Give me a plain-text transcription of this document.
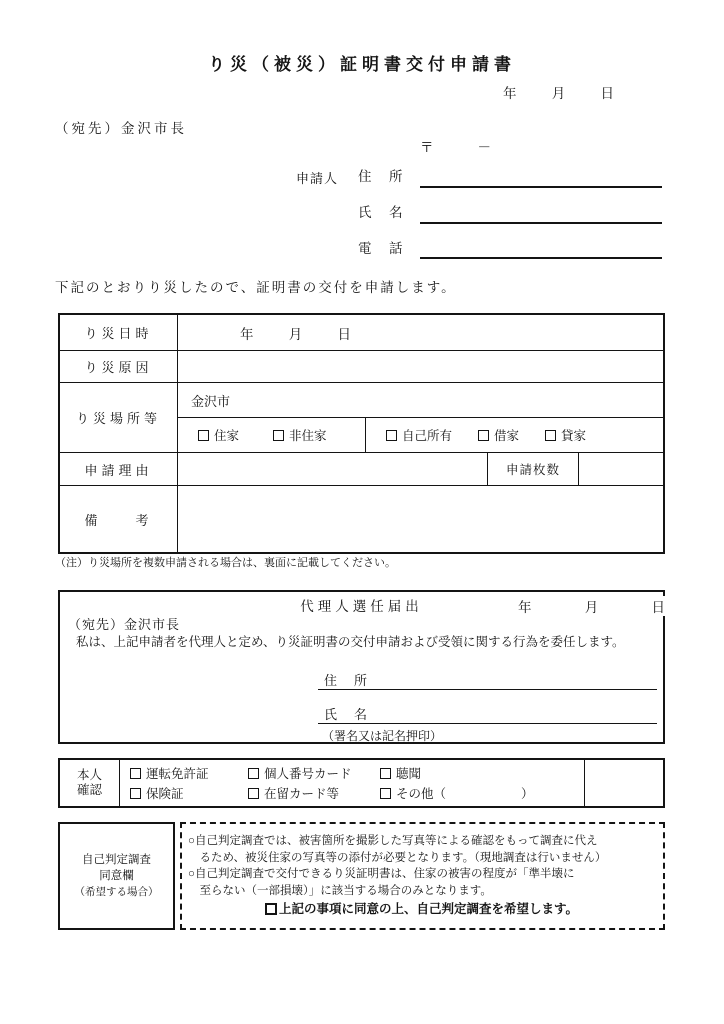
り災（被災）証明書交付申請書
年	月	日
（宛先）金沢市長
〒	－
申請人 住　所
氏　名
電　話
下記のとおりり災したので、証明書の交付を申請します。
り災日時	年	月	日
り災原因
り災場所等
金沢市
住家	非住家	自己所有	借家	貸家
申請理由	申請枚数
備　　考
（注）り災場所を複数申請される場合は、裏面に記載してください。
代理人選任届出	年	月	日
（宛先）金沢市長
私は、上記申請者を代理人と定め、り災証明書の交付申請および受領に関する行為を委任します。
住　所
氏　名
（署名又は記名押印）
本人
確認
運転免許証	個人番号カード	聴聞
保険証	在留カード等	その他（　　　　　　）
自己判定調査
同意欄
（希望する場合）
○自己判定調査では、被害箇所を撮影した写真等による確認をもって調査に代え
　るため、被災住家の写真等の添付が必要となります。（現地調査は行いません）
○自己判定調査で交付できるり災証明書は、住家の被害の程度が「準半壊に
　至らない（一部損壊）」に該当する場合のみとなります。
上記の事項に同意の上、自己判定調査を希望します。
